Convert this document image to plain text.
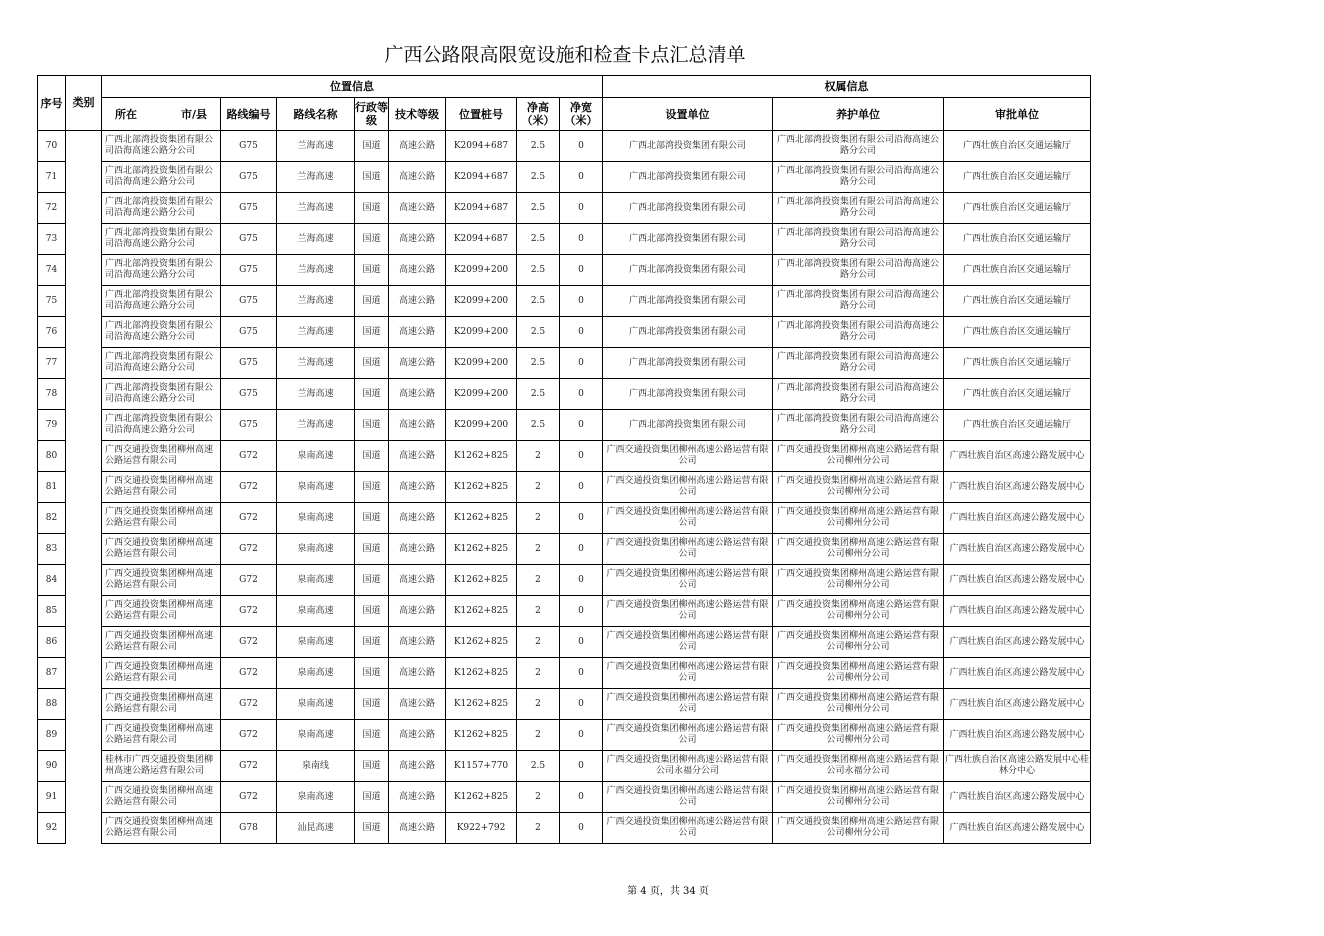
广西公路限高限宽设施和检查卡点汇总清单
序号	类别	位置信息								权属信息		
		所在　　　　市/县	路线编号	路线名称	行政等级	技术等级	位置桩号	净高（米）	净宽（米）	设置单位	养护单位	审批单位
70		广西北部湾投资集团有限公司沿海高速公路分公司	G75	兰海高速	国道	高速公路	K2094+687	2.5	0	广西北部湾投资集团有限公司	广西北部湾投资集团有限公司沿海高速公路分公司	广西壮族自治区交通运输厅
71		广西北部湾投资集团有限公司沿海高速公路分公司	G75	兰海高速	国道	高速公路	K2094+687	2.5	0	广西北部湾投资集团有限公司	广西北部湾投资集团有限公司沿海高速公路分公司	广西壮族自治区交通运输厅
72		广西北部湾投资集团有限公司沿海高速公路分公司	G75	兰海高速	国道	高速公路	K2094+687	2.5	0	广西北部湾投资集团有限公司	广西北部湾投资集团有限公司沿海高速公路分公司	广西壮族自治区交通运输厅
73		广西北部湾投资集团有限公司沿海高速公路分公司	G75	兰海高速	国道	高速公路	K2094+687	2.5	0	广西北部湾投资集团有限公司	广西北部湾投资集团有限公司沿海高速公路分公司	广西壮族自治区交通运输厅
74		广西北部湾投资集团有限公司沿海高速公路分公司	G75	兰海高速	国道	高速公路	K2099+200	2.5	0	广西北部湾投资集团有限公司	广西北部湾投资集团有限公司沿海高速公路分公司	广西壮族自治区交通运输厅
75		广西北部湾投资集团有限公司沿海高速公路分公司	G75	兰海高速	国道	高速公路	K2099+200	2.5	0	广西北部湾投资集团有限公司	广西北部湾投资集团有限公司沿海高速公路分公司	广西壮族自治区交通运输厅
76		广西北部湾投资集团有限公司沿海高速公路分公司	G75	兰海高速	国道	高速公路	K2099+200	2.5	0	广西北部湾投资集团有限公司	广西北部湾投资集团有限公司沿海高速公路分公司	广西壮族自治区交通运输厅
77		广西北部湾投资集团有限公司沿海高速公路分公司	G75	兰海高速	国道	高速公路	K2099+200	2.5	0	广西北部湾投资集团有限公司	广西北部湾投资集团有限公司沿海高速公路分公司	广西壮族自治区交通运输厅
78		广西北部湾投资集团有限公司沿海高速公路分公司	G75	兰海高速	国道	高速公路	K2099+200	2.5	0	广西北部湾投资集团有限公司	广西北部湾投资集团有限公司沿海高速公路分公司	广西壮族自治区交通运输厅
79		广西北部湾投资集团有限公司沿海高速公路分公司	G75	兰海高速	国道	高速公路	K2099+200	2.5	0	广西北部湾投资集团有限公司	广西北部湾投资集团有限公司沿海高速公路分公司	广西壮族自治区交通运输厅
80		广西交通投资集团柳州高速公路运营有限公司	G72	泉南高速	国道	高速公路	K1262+825	2	0	广西交通投资集团柳州高速公路运营有限公司	广西交通投资集团柳州高速公路运营有限公司柳州分公司	广西壮族自治区高速公路发展中心
81		广西交通投资集团柳州高速公路运营有限公司	G72	泉南高速	国道	高速公路	K1262+825	2	0	广西交通投资集团柳州高速公路运营有限公司	广西交通投资集团柳州高速公路运营有限公司柳州分公司	广西壮族自治区高速公路发展中心
82		广西交通投资集团柳州高速公路运营有限公司	G72	泉南高速	国道	高速公路	K1262+825	2	0	广西交通投资集团柳州高速公路运营有限公司	广西交通投资集团柳州高速公路运营有限公司柳州分公司	广西壮族自治区高速公路发展中心
83		广西交通投资集团柳州高速公路运营有限公司	G72	泉南高速	国道	高速公路	K1262+825	2	0	广西交通投资集团柳州高速公路运营有限公司	广西交通投资集团柳州高速公路运营有限公司柳州分公司	广西壮族自治区高速公路发展中心
84		广西交通投资集团柳州高速公路运营有限公司	G72	泉南高速	国道	高速公路	K1262+825	2	0	广西交通投资集团柳州高速公路运营有限公司	广西交通投资集团柳州高速公路运营有限公司柳州分公司	广西壮族自治区高速公路发展中心
85		广西交通投资集团柳州高速公路运营有限公司	G72	泉南高速	国道	高速公路	K1262+825	2	0	广西交通投资集团柳州高速公路运营有限公司	广西交通投资集团柳州高速公路运营有限公司柳州分公司	广西壮族自治区高速公路发展中心
86		广西交通投资集团柳州高速公路运营有限公司	G72	泉南高速	国道	高速公路	K1262+825	2	0	广西交通投资集团柳州高速公路运营有限公司	广西交通投资集团柳州高速公路运营有限公司柳州分公司	广西壮族自治区高速公路发展中心
87		广西交通投资集团柳州高速公路运营有限公司	G72	泉南高速	国道	高速公路	K1262+825	2	0	广西交通投资集团柳州高速公路运营有限公司	广西交通投资集团柳州高速公路运营有限公司柳州分公司	广西壮族自治区高速公路发展中心
88		广西交通投资集团柳州高速公路运营有限公司	G72	泉南高速	国道	高速公路	K1262+825	2	0	广西交通投资集团柳州高速公路运营有限公司	广西交通投资集团柳州高速公路运营有限公司柳州分公司	广西壮族自治区高速公路发展中心
89		广西交通投资集团柳州高速公路运营有限公司	G72	泉南高速	国道	高速公路	K1262+825	2	0	广西交通投资集团柳州高速公路运营有限公司	广西交通投资集团柳州高速公路运营有限公司柳州分公司	广西壮族自治区高速公路发展中心
90		桂林市广西交通投资集团柳州高速公路运营有限公司	G72	泉南线	国道	高速公路	K1157+770	2.5	0	广西交通投资集团柳州高速公路运营有限公司永福分公司	广西交通投资集团柳州高速公路运营有限公司永福分公司	广西壮族自治区高速公路发展中心桂林分中心
91		广西交通投资集团柳州高速公路运营有限公司	G72	泉南高速	国道	高速公路	K1262+825	2	0	广西交通投资集团柳州高速公路运营有限公司	广西交通投资集团柳州高速公路运营有限公司柳州分公司	广西壮族自治区高速公路发展中心
92		广西交通投资集团柳州高速公路运营有限公司	G78	汕昆高速	国道	高速公路	K922+792	2	0	广西交通投资集团柳州高速公路运营有限公司	广西交通投资集团柳州高速公路运营有限公司柳州分公司	广西壮族自治区高速公路发展中心
第 4 页，共 34 页
